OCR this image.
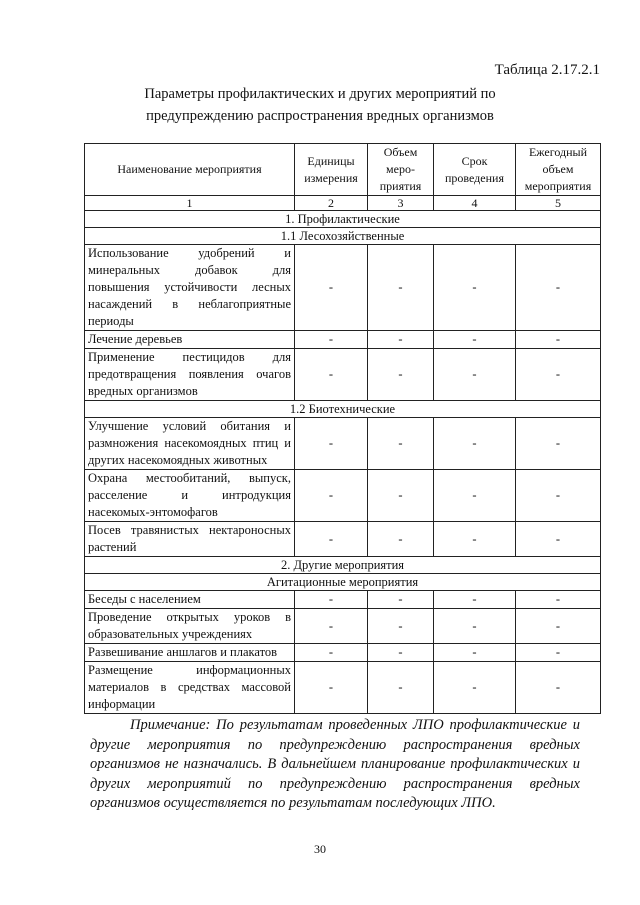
Таблица 2.17.2.1
Параметры профилактических и других мероприятий по
предупреждению распространения вредных организмов
Наименование мероприятия	Единицы измерения	Объем меро-приятия	Срок проведения	Ежегодный объем мероприятия
1	2	3	4	5
1. Профилактические				
1.1 Лесохозяйственные				
Использование удобрений и минеральных добавок для повышения устойчивости лесных насаждений в неблагоприятные периоды	-	-	-	-
Лечение деревьев	-	-	-	-
Применение пестицидов для предотвращения появления очагов вредных организмов	-	-	-	-
1.2 Биотехнические				
Улучшение условий обитания и размножения насекомоядных птиц и других насекомоядных животных	-	-	-	-
Охрана местообитаний, выпуск, расселение и интродукция насекомых-энтомофагов	-	-	-	-
Посев травянистых нектароносных растений	-	-	-	-
2. Другие мероприятия				
Агитационные мероприятия				
Беседы с населением	-	-	-	-
Проведение открытых уроков в образовательных учреждениях	-	-	-	-
Развешивание аншлагов и плакатов	-	-	-	-
Размещение информационных материалов в средствах массовой информации	-	-	-	-
Примечание: По результатам проведенных ЛПО профилактические и другие мероприятия по предупреждению распространения вредных организмов не назначались. В дальнейшем планирование профилактических и других мероприятий по предупреждению распространения вредных организмов осуществляется по результатам последующих ЛПО.
30
